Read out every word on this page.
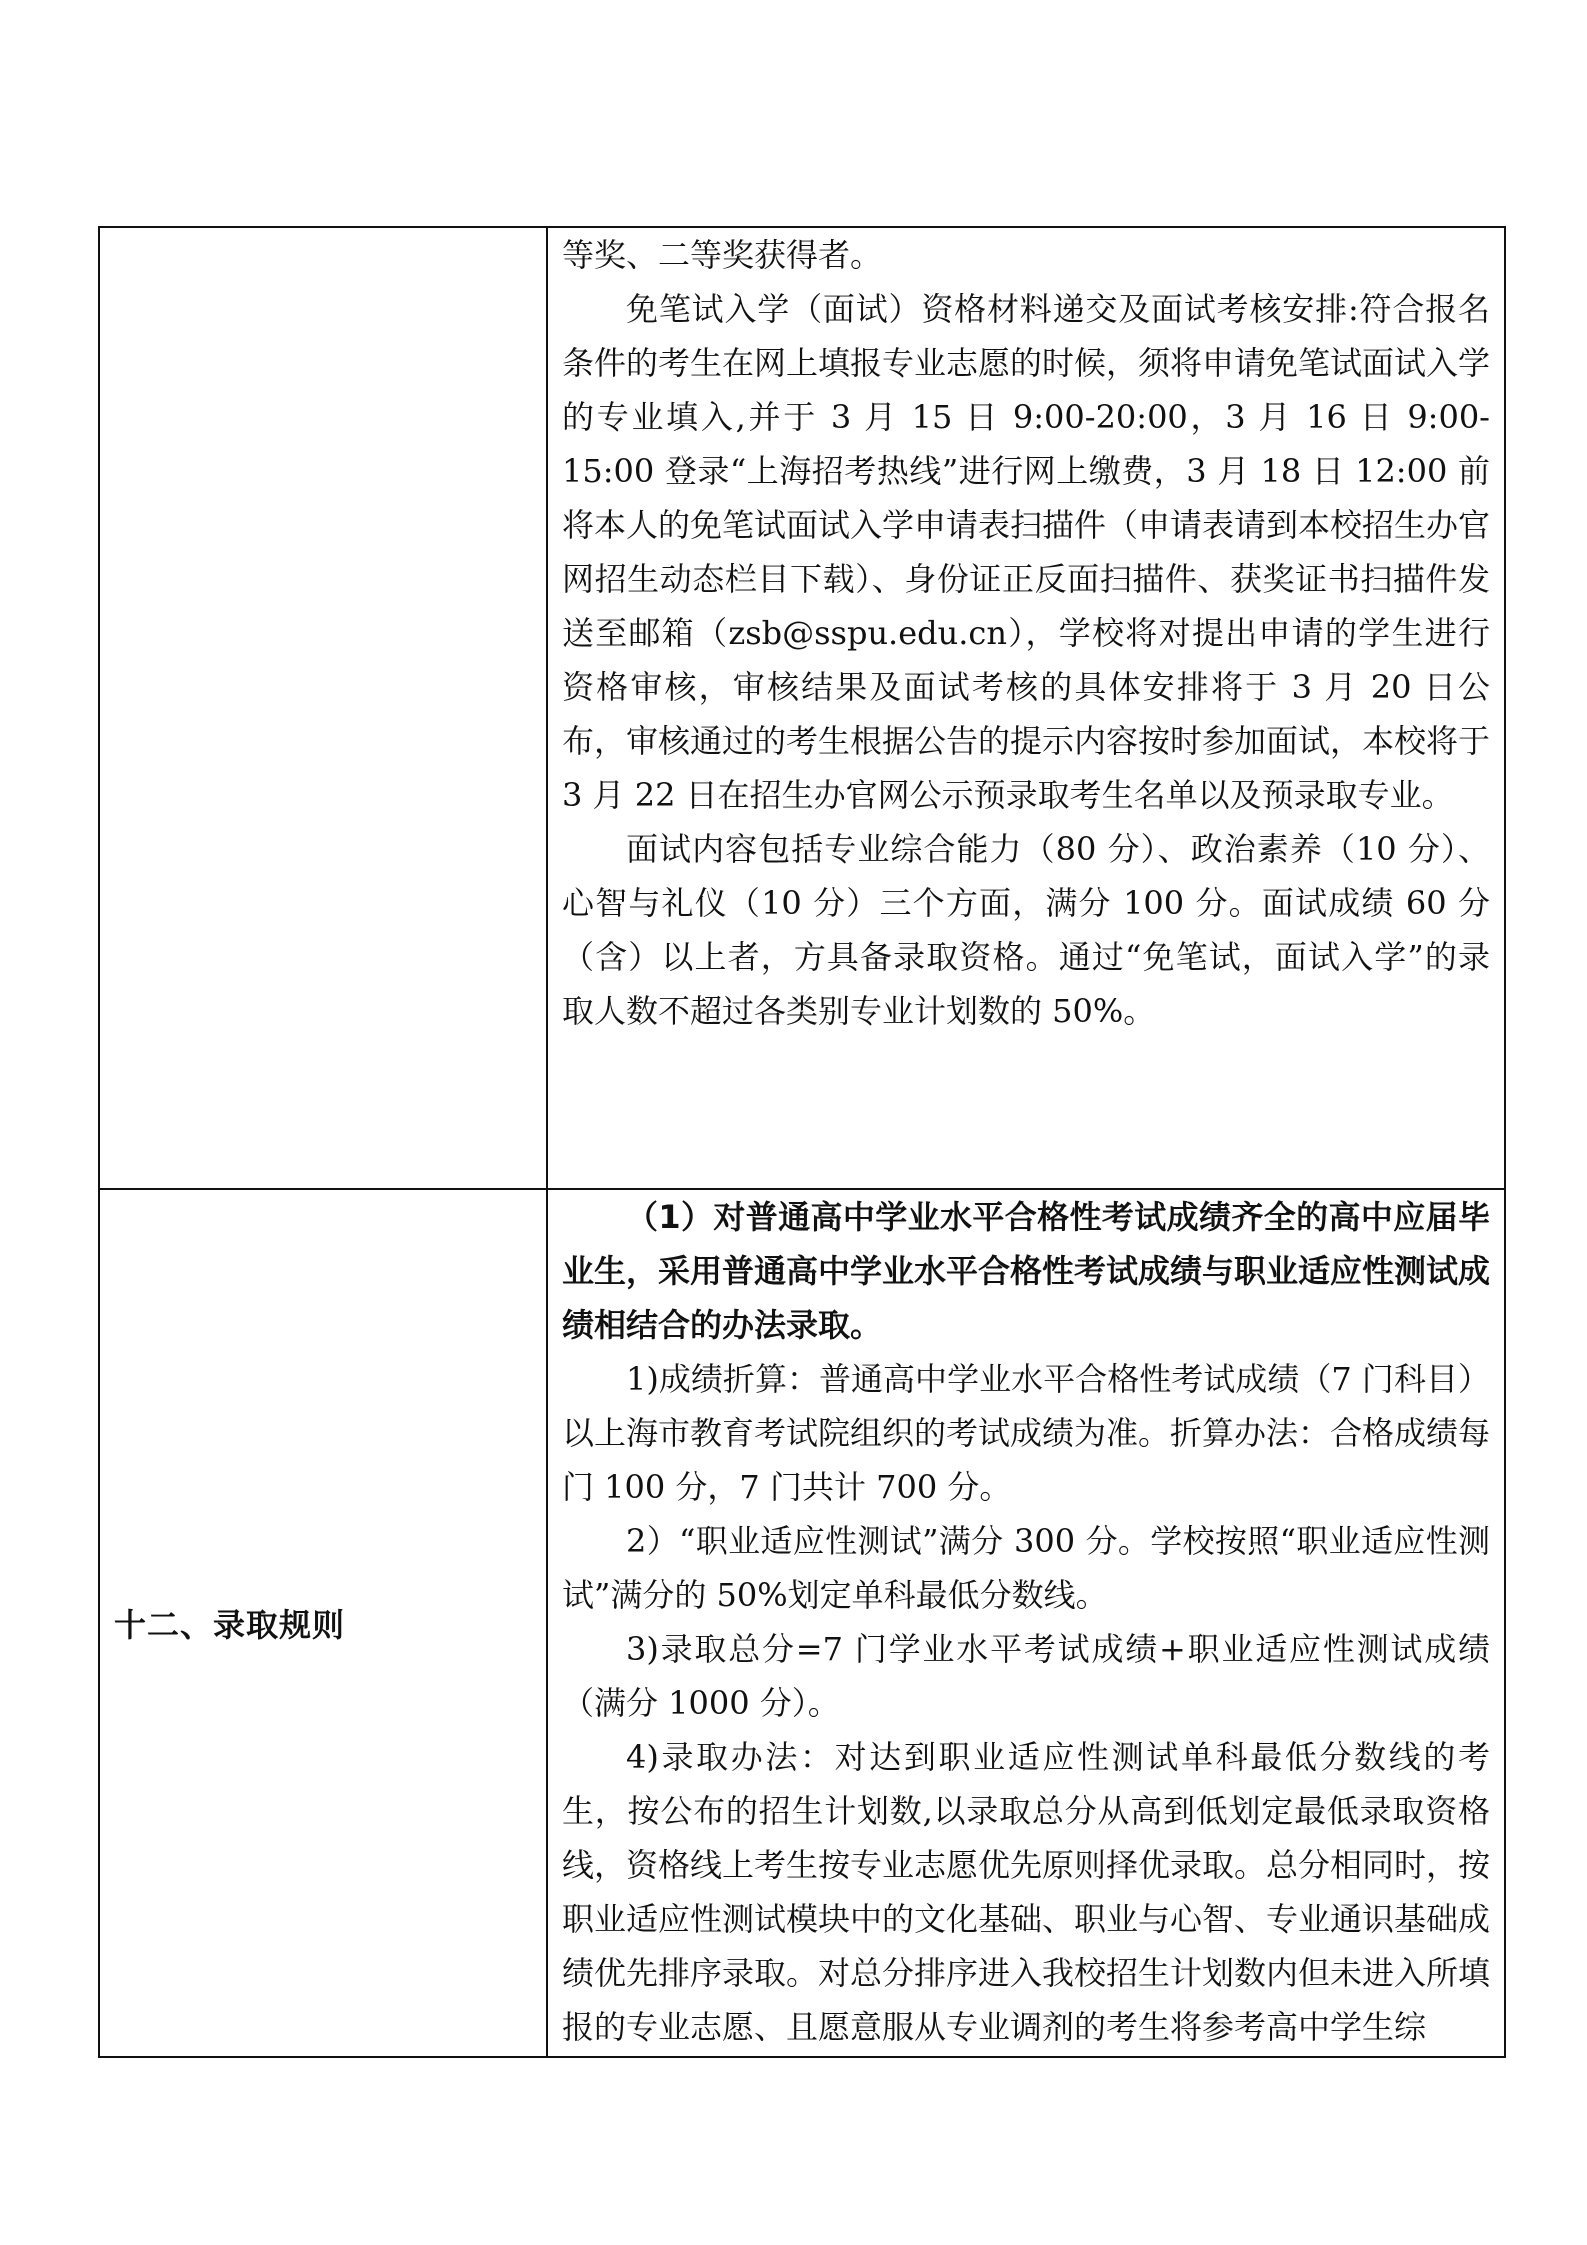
	等奖、二等奖获得者。

免笔试入学（面试）资格材料递交及面试考核安排:符合报名条件的考生在网上填报专业志愿的时候，须将申请免笔试面试入学的专业填入,并于 3 月 15 日 9:00-20:00，3 月 16 日 9:00-15:00 登录“上海招考热线”进行网上缴费，3 月 18 日 12:00 前将本人的免笔试面试入学申请表扫描件（申请表请到本校招生办官网招生动态栏目下载）、身份证正反面扫描件、获奖证书扫描件发送至邮箱（zsb@sspu.edu.cn），学校将对提出申请的学生进行资格审核，审核结果及面试考核的具体安排将于 3 月 20 日公布，审核通过的考生根据公告的提示内容按时参加面试，本校将于 3 月 22 日在招生办官网公示预录取考生名单以及预录取专业。

面试内容包括专业综合能力（80 分）、政治素养（10 分）、心智与礼仪（10 分）三个方面，满分 100 分。面试成绩 60 分（含）以上者，方具备录取资格。通过“免笔试，面试入学”的录取人数不超过各类别专业计划数的 50%。

十二、录取规则	（1）对普通高中学业水平合格性考试成绩齐全的高中应届毕业生，采用普通高中学业水平合格性考试成绩与职业适应性测试成绩相结合的办法录取。

1)成绩折算：普通高中学业水平合格性考试成绩（7 门科目）以上海市教育考试院组织的考试成绩为准。折算办法：合格成绩每门 100 分，7 门共计 700 分。

2）“职业适应性测试”满分 300 分。学校按照“职业适应性测试”满分的 50%划定单科最低分数线。

3)录取总分=7 门学业水平考试成绩+职业适应性测试成绩（满分 1000 分）。

4)录取办法：对达到职业适应性测试单科最低分数线的考生，按公布的招生计划数,以录取总分从高到低划定最低录取资格线，资格线上考生按专业志愿优先原则择优录取。总分相同时，按职业适应性测试模块中的文化基础、职业与心智、专业通识基础成绩优先排序录取。对总分排序进入我校招生计划数内但未进入所填报的专业志愿、且愿意服从专业调剂的考生将参考高中学生综
